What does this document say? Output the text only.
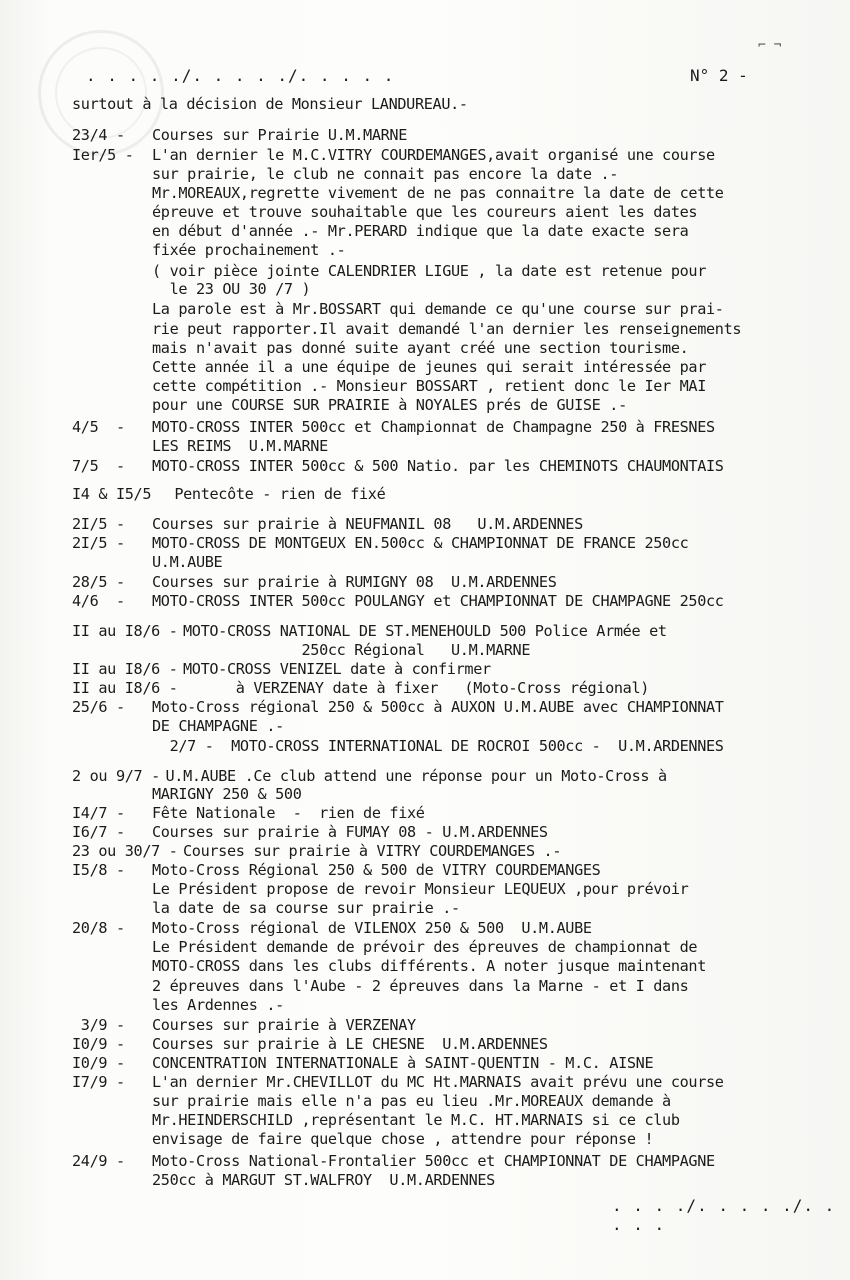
⌐ ¬
. . . . ./. . . . ./. . . . .	N° 2 -
surtout à la décision de Monsieur LANDUREAU.-
23/4 - Courses sur Prairie U.M.MARNE
Ier/5 - L'an dernier le M.C.VITRY COURDEMANGES,avait organisé une course
sur prairie, le club ne connait pas encore la date .-
Mr.MOREAUX,regrette vivement de ne pas connaitre la date de cette
épreuve et trouve souhaitable que les coureurs aient les dates
en début d'année .- Mr.PERARD indique que la date exacte sera
fixée prochainement .-
( voir pièce jointe CALENDRIER LIGUE , la date est retenue pour
le 23 OU 30 /7 )
La parole est à Mr.BOSSART qui demande ce qu'une course sur prai-
rie peut rapporter.Il avait demandé l'an dernier les renseignements
mais n'avait pas donné suite ayant créé une section tourisme.
Cette année il a une équipe de jeunes qui serait intéressée par
cette compétition .- Monsieur BOSSART , retient donc le Ier MAI
pour une COURSE SUR PRAIRIE à NOYALES prés de GUISE .-
4/5  - MOTO-CROSS INTER 500cc et Championnat de Champagne 250 à FRESNES
LES REIMS  U.M.MARNE
7/5  - MOTO-CROSS INTER 500cc & 500 Natio. par les CHEMINOTS CHAUMONTAIS
I4 & I5/5 Pentecôte - rien de fixé
2I/5 - Courses sur prairie à NEUFMANIL 08   U.M.ARDENNES
2I/5 - MOTO-CROSS DE MONTGEUX EN.500cc & CHAMPIONNAT DE FRANCE 250cc
U.M.AUBE
28/5 - Courses sur prairie à RUMIGNY 08  U.M.ARDENNES
4/6  - MOTO-CROSS INTER 500cc POULANGY et CHAMPIONNAT DE CHAMPAGNE 250cc
II au I8/6 - MOTO-CROSS NATIONAL DE ST.MENEHOULD 500 Police Armée et
250cc Régional   U.M.MARNE
II au I8/6 - MOTO-CROSS VENIZEL date à confirmer
II au I8/6 - à VERZENAY date à fixer   (Moto-Cross régional)
25/6 - Moto-Cross régional 250 & 500cc à AUXON U.M.AUBE avec CHAMPIONNAT
DE CHAMPAGNE .-
2/7 -  MOTO-CROSS INTERNATIONAL DE ROCROI 500cc -  U.M.ARDENNES
2 ou 9/7 - U.M.AUBE .Ce club attend une réponse pour un Moto-Cross à
MARIGNY 250 & 500
I4/7 - Fête Nationale  -  rien de fixé
I6/7 - Courses sur prairie à FUMAY 08 - U.M.ARDENNES
23 ou 30/7 - Courses sur prairie à VITRY COURDEMANGES .-
I5/8 - Moto-Cross Régional 250 & 500 de VITRY COURDEMANGES
Le Président propose de revoir Monsieur LEQUEUX ,pour prévoir
la date de sa course sur prairie .-
20/8 - Moto-Cross régional de VILENOX 250 & 500  U.M.AUBE
Le Président demande de prévoir des épreuves de championnat de
MOTO-CROSS dans les clubs différents. A noter jusque maintenant
2 épreuves dans l'Aube - 2 épreuves dans la Marne - et I dans
les Ardennes .-
3/9 - Courses sur prairie à VERZENAY
I0/9 - Courses sur prairie à LE CHESNE  U.M.ARDENNES
I0/9 - CONCENTRATION INTERNATIONALE à SAINT-QUENTIN - M.C. AISNE
I7/9 - L'an dernier Mr.CHEVILLOT du MC Ht.MARNAIS avait prévu une course
sur prairie mais elle n'a pas eu lieu .Mr.MOREAUX demande à
Mr.HEINDERSCHILD ,représentant le M.C. HT.MARNAIS si ce club
envisage de faire quelque chose , attendre pour réponse !
24/9 - Moto-Cross National-Frontalier 500cc et CHAMPIONNAT DE CHAMPAGNE
250cc à MARGUT ST.WALFROY  U.M.ARDENNES
. . . ./. . . . ./. . . . .
